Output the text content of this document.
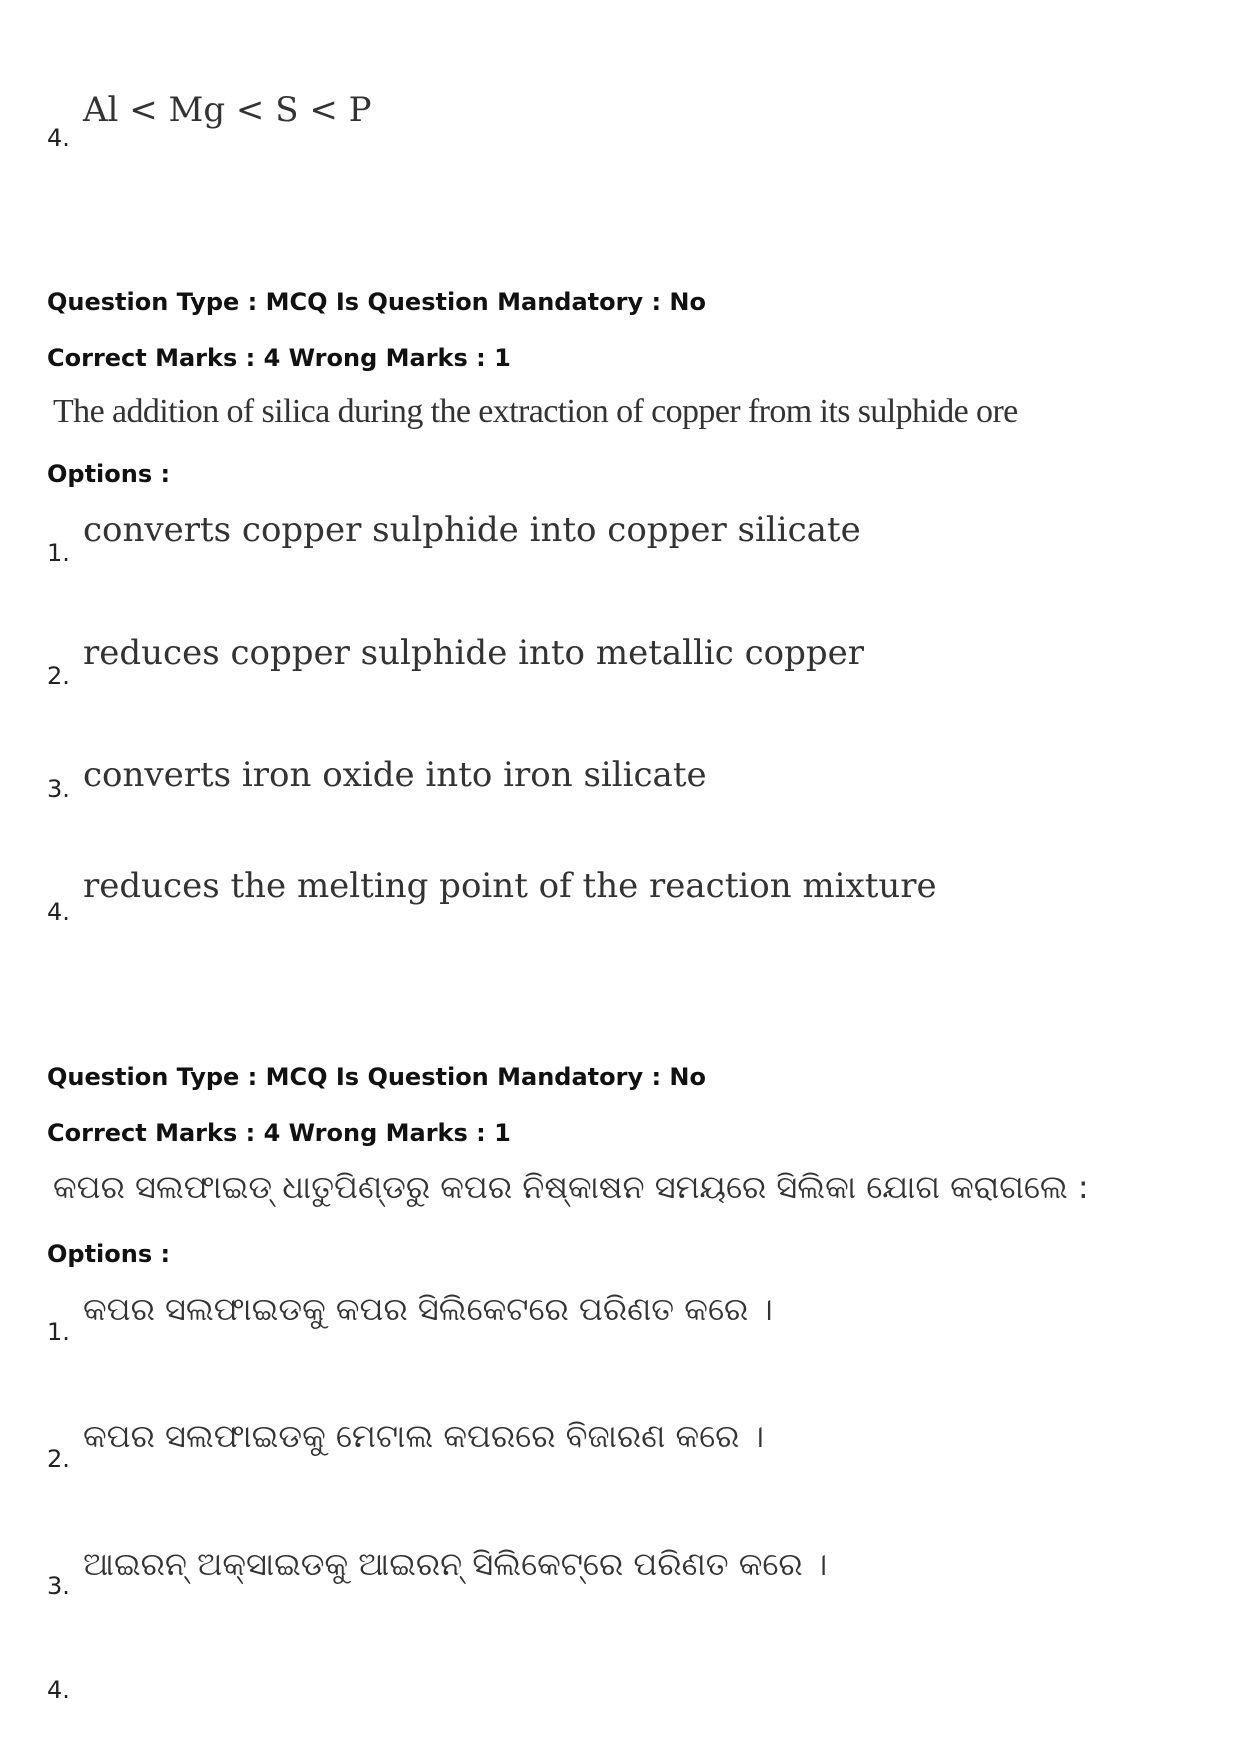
4.
Al < Mg < S < P
Question Type : MCQ Is Question Mandatory : No
Correct Marks : 4 Wrong Marks : 1
The addition of silica during the extraction of copper from its sulphide ore
Options :
1.
converts copper sulphide into copper silicate
2.
reduces copper sulphide into metallic copper
3. converts iron oxide into iron silicate
4.
reduces the melting point of the reaction mixture
Question Type : MCQ Is Question Mandatory : No
Correct Marks : 4 Wrong Marks : 1
କପର ସଲଫାଇଡ୍ ଧାତୁପିଣ୍ଡରୁ କପର ନିଷ୍କାଷନ ସମୟରେ ସିଲିକା ଯୋଗ କରାଗଲେ :
Options :
1.
କପର ସଲଫାଇଡକୁ କପର ସିଲିକେଟରେ ପରିଣତ କରେ ।
2.
କପର ସଲଫାଇଡକୁ ମେଟାଲ କପରରେ ବିଜାରଣ କରେ ।
3.
ଆଇରନ୍ ଅକ୍ସାଇଡକୁ ଆଇରନ୍ ସିଲିକେଟ୍‌ରେ ପରିଣତ କରେ ।
4.
